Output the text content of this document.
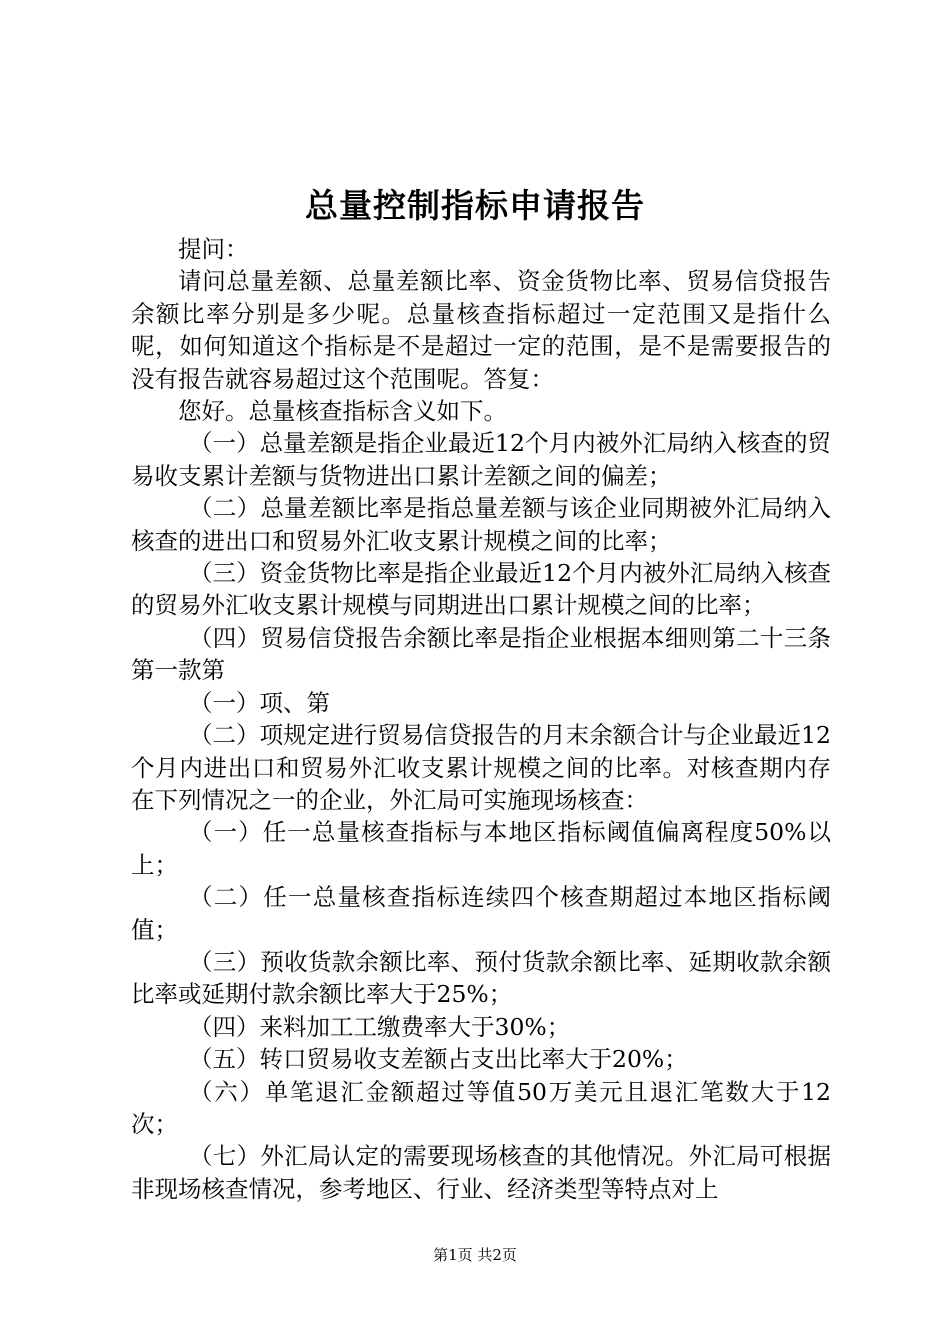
总量控制指标申请报告

提问：

请问总量差额、总量差额比率、资金货物比率、贸易信贷报告余额比率分别是多少呢。总量核查指标超过一定范围又是指什么呢，如何知道这个指标是不是超过一定的范围，是不是需要报告的没有报告就容易超过这个范围呢。答复：

您好。总量核查指标含义如下。

（一）总量差额是指企业最近12个月内被外汇局纳入核查的贸易收支累计差额与货物进出口累计差额之间的偏差；

（二）总量差额比率是指总量差额与该企业同期被外汇局纳入核查的进出口和贸易外汇收支累计规模之间的比率；

（三）资金货物比率是指企业最近12个月内被外汇局纳入核查的贸易外汇收支累计规模与同期进出口累计规模之间的比率；

（四）贸易信贷报告余额比率是指企业根据本细则第二十三条第一款第

（一）项、第

（二）项规定进行贸易信贷报告的月末余额合计与企业最近12个月内进出口和贸易外汇收支累计规模之间的比率。对核查期内存在下列情况之一的企业，外汇局可实施现场核查：

（一）任一总量核查指标与本地区指标阈值偏离程度50%以上；

（二）任一总量核查指标连续四个核查期超过本地区指标阈值；

（三）预收货款余额比率、预付货款余额比率、延期收款余额比率或延期付款余额比率大于25%；

（四）来料加工工缴费率大于30%；

（五）转口贸易收支差额占支出比率大于20%；

（六）单笔退汇金额超过等值50万美元且退汇笔数大于12次；

（七）外汇局认定的需要现场核查的其他情况。外汇局可根据非现场核查情况，参考地区、行业、经济类型等特点对上

第1页 共2页
